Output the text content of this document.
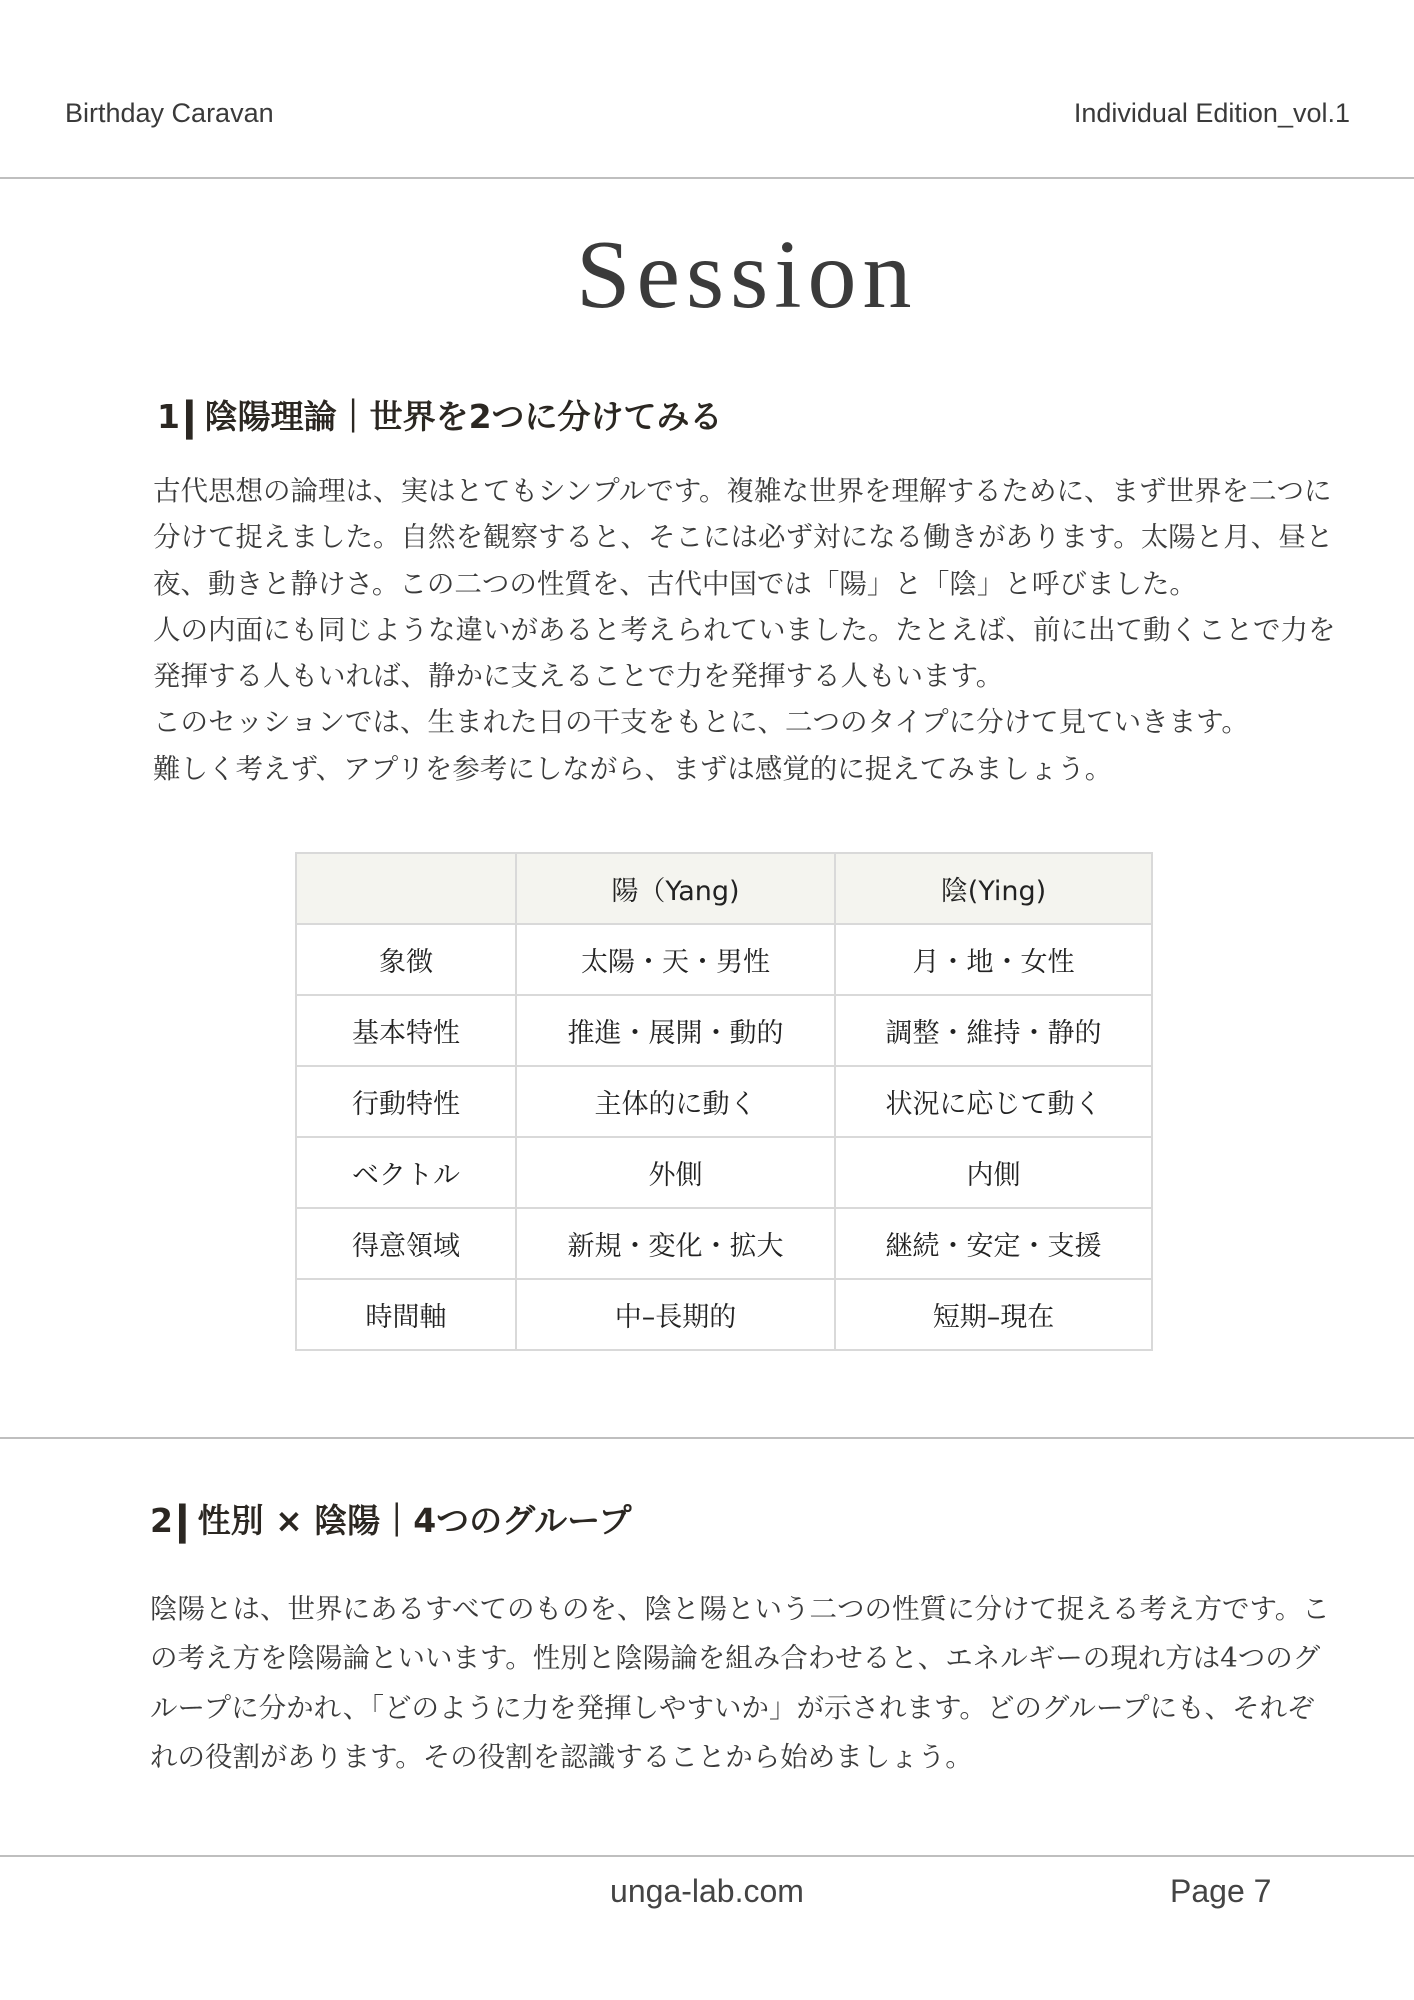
Birthday Caravan	Individual Edition_vol.1
Session
1| 陰陽理論｜世界を2つに分けてみる
古代思想の論理は、実はとてもシンプルです。複雑な世界を理解するために、まず世界を二つに
分けて捉えました。自然を観察すると、そこには必ず対になる働きがあります。太陽と月、昼と
夜、動きと静けさ。この二つの性質を、古代中国では「陽」と「陰」と呼びました。
人の内面にも同じような違いがあると考えられていました。たとえば、前に出て動くことで力を
発揮する人もいれば、静かに支えることで力を発揮する人もいます。
このセッションでは、生まれた日の干支をもとに、二つのタイプに分けて見ていきます。
難しく考えず、アプリを参考にしながら、まずは感覚的に捉えてみましょう。
	陽（Yang)	陰(Ying)
象徴	太陽・天・男性	月・地・女性
基本特性	推進・展開・動的	調整・維持・静的
行動特性	主体的に動く	状況に応じて動く
ベクトル	外側	内側
得意領域	新規・変化・拡大	継続・安定・支援
時間軸	中–長期的	短期–現在
2| 性別 × 陰陽｜4つのグループ
陰陽とは、世界にあるすべてのものを、陰と陽という二つの性質に分けて捉える考え方です。こ
の考え方を陰陽論といいます。性別と陰陽論を組み合わせると、エネルギーの現れ方は4つのグ
ループに分かれ、「どのように力を発揮しやすいか」が示されます。どのグループにも、それぞ
れの役割があります。その役割を認識することから始めましょう。
unga-lab.com	Page 7
